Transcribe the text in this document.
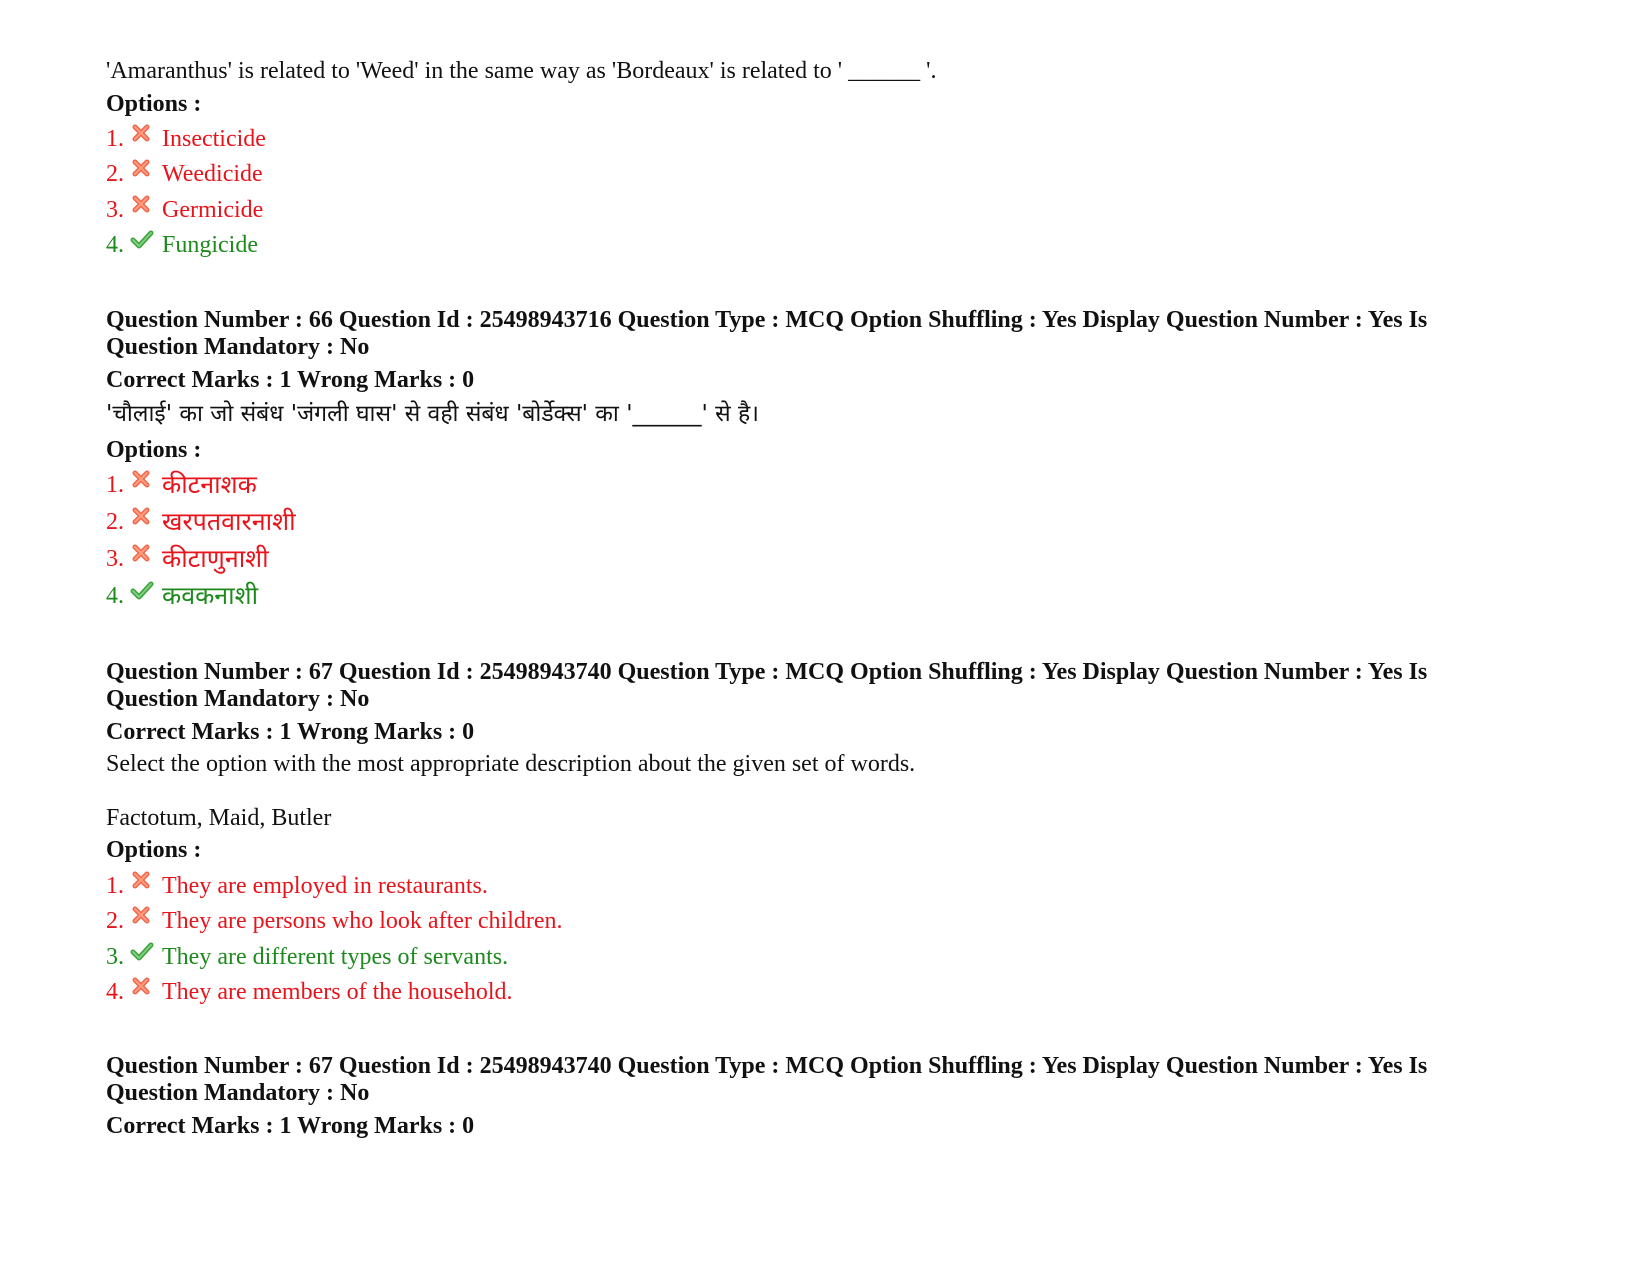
'Amaranthus' is related to 'Weed' in the same way as 'Bordeaux' is related to ' ______ '.
Options :
1. Insecticide
2. Weedicide
3. Germicide
4. Fungicide
Question Number : 66 Question Id : 25498943716 Question Type : MCQ Option Shuffling : Yes Display Question Number : Yes Is
Question Mandatory : No
Correct Marks : 1 Wrong Marks : 0
'चौलाई' का जो संबंध 'जंगली घास' से वही संबंध 'बोर्डेक्स' का '______' से है।
Options :
1. कीटनाशक
2. खरपतवारनाशी
3. कीटाणुनाशी
4. कवकनाशी
Question Number : 67 Question Id : 25498943740 Question Type : MCQ Option Shuffling : Yes Display Question Number : Yes Is
Question Mandatory : No
Correct Marks : 1 Wrong Marks : 0
Select the option with the most appropriate description about the given set of words.
Factotum, Maid, Butler
Options :
1. They are employed in restaurants.
2. They are persons who look after children.
3. They are different types of servants.
4. They are members of the household.
Question Number : 67 Question Id : 25498943740 Question Type : MCQ Option Shuffling : Yes Display Question Number : Yes Is
Question Mandatory : No
Correct Marks : 1 Wrong Marks : 0
